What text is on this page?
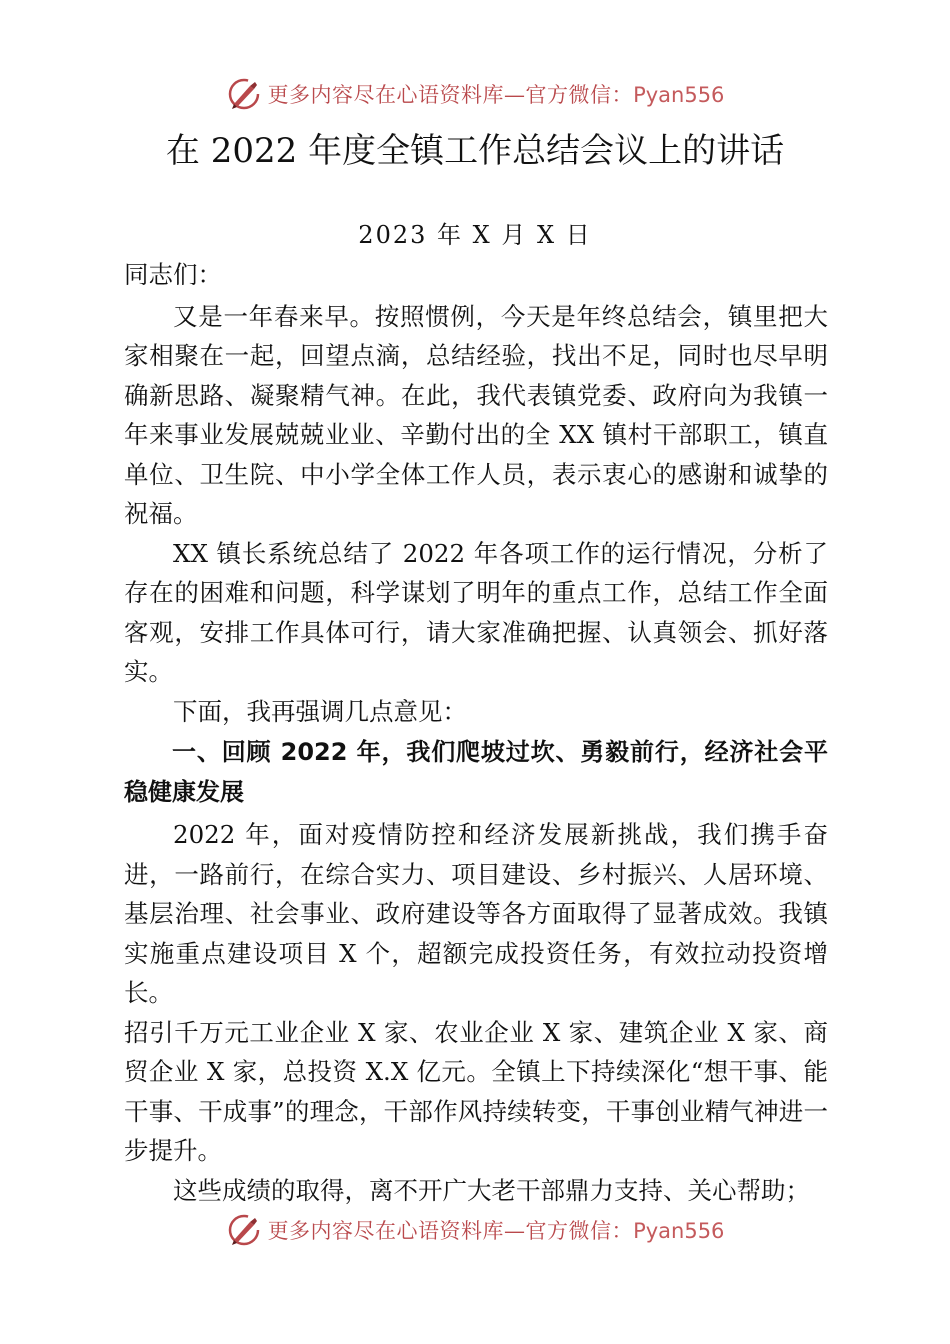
更多内容尽在心语资料库—官方微信：Pyan556
在 2022 年度全镇工作总结会议上的讲话
2023 年 X 月 X 日

同志们：

又是一年春来早。按照惯例，今天是年终总结会，镇里把大家相聚在一起，回望点滴，总结经验，找出不足，同时也尽早明确新思路、凝聚精气神。在此，我代表镇党委、政府向为我镇一 年来事业发展兢兢业业、辛勤付出的全 XX 镇村干部职工，镇直单位、卫生院、中小学全体工作人员，表示衷心的感谢和诚挚的祝福。

XX 镇长系统总结了 2022 年各项工作的运行情况，分析了存在的困难和问题，科学谋划了明年的重点工作，总结工作全面客观，安排工作具体可行，请大家准确把握、认真领会、抓好落实。

下面，我再强调几点意见：

一、回顾 2022 年，我们爬坡过坎、勇毅前行，经济社会平稳健康发展

2022 年，面对疫情防控和经济发展新挑战，我们携手奋进，一路前行，在综合实力、项目建设、乡村振兴、人居环境、基层治理、社会事业、政府建设等各方面取得了显著成效。我镇实施重点建设项目 X 个，超额完成投资任务，有效拉动投资增长。

招引千万元工业企业 X 家、农业企业 X 家、建筑企业 X 家、商贸企业 X 家，总投资 X.X 亿元。全镇上下持续深化“想干事、能干事、干成事”的理念，干部作风持续转变，干事创业精气神进一步提升。

这些成绩的取得，离不开广大老干部鼎力支持、关心帮助；

更多内容尽在心语资料库—官方微信：Pyan556
